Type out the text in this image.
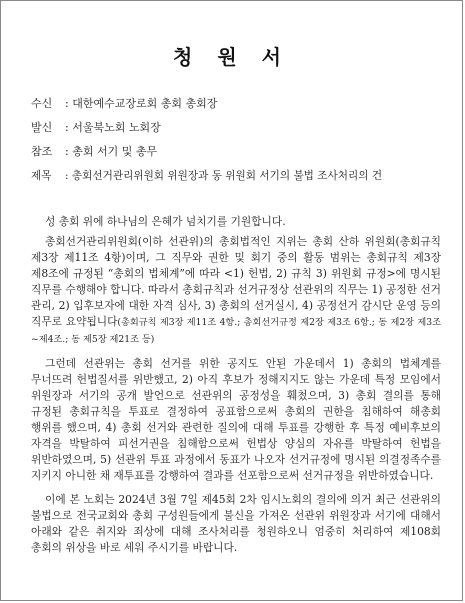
청 원 서
수신 : 대한예수교장로회 총회 총회장
발신 : 서울북노회 노회장
참조 : 총회 서기 및 총무
제목 : 총회선거관리위원회 위원장과 동 위원회 서기의 불법 조사처리의 건

성 총회 위에 하나님의 은혜가 넘치기를 기원합니다.

총회선거관리위원회(이하 선관위)의 총회법적인 지위는 총회 산하 위원회(총회규칙 제3장 제11조 4항)이며, 그 직무와 권한 및 회기 중의 활동 범위는 총회규칙 제3장 제8조에 규정된 “총회의 법체계”에 따라 <1) 헌법, 2) 규칙 3) 위원회 규정>에 명시된 직무를 수행해야 합니다. 따라서 총회규칙과 선거규정상 선관위의 직무는 1) 공정한 선거 관리, 2) 입후보자에 대한 자격 심사, 3) 총회의 선거실시, 4) 공정선거 감시단 운영 등의 직무로 요약됩니다(총회규칙 제3장 제11조 4항.; 총회선거규정 제2장 제3조 6항.; 동 제2장 제3조~제4조.; 동 제5장 제21조 등)

그런데 선관위는 총회 선거를 위한 공지도 안된 가운데서 1) 총회의 법체계를 무너뜨려 헌법질서를 위반했고, 2) 아직 후보가 정해지지도 않는 가운데 특정 모임에서 위원장과 서기의 공개 발언으로 선관위의 공정성을 훼첬으며, 3) 총회 결의를 통해 규정된 총회규칙을 투표로 결정하여 공표함으로써 총회의 권한을 침해하여 해총회 행위를 했으며, 4) 총회 선거와 관련한 질의에 대해 투표를 강행한 후 특정 예비후보의 자격을 박탈하여 피선거권을 침해함으로써 헌법상 양심의 자유를 박탈하여 헌법을 위반하였으며, 5) 선관위 투표 과정에서 동표가 나오자 선거규정에 명시된 의결정족수를 지키지 아니한 채 재투표를 강행하여 결과를 선포함으로써 선거규정을 위반하였습니다.

이에 본 노회는 2024년 3월 7일 제45회 2차 임시노회의 결의에 의거 최근 선관위의 불법으로 전국교회와 총회 구성원들에게 불신을 가져온 선관위 위원장과 서기에 대해서 아래와 같은 취지와 죄상에 대해 조사처리를 청원하오니 엄중히 처리하여 제108회 총회의 위상을 바로 세워 주시기를 바랍니다.
